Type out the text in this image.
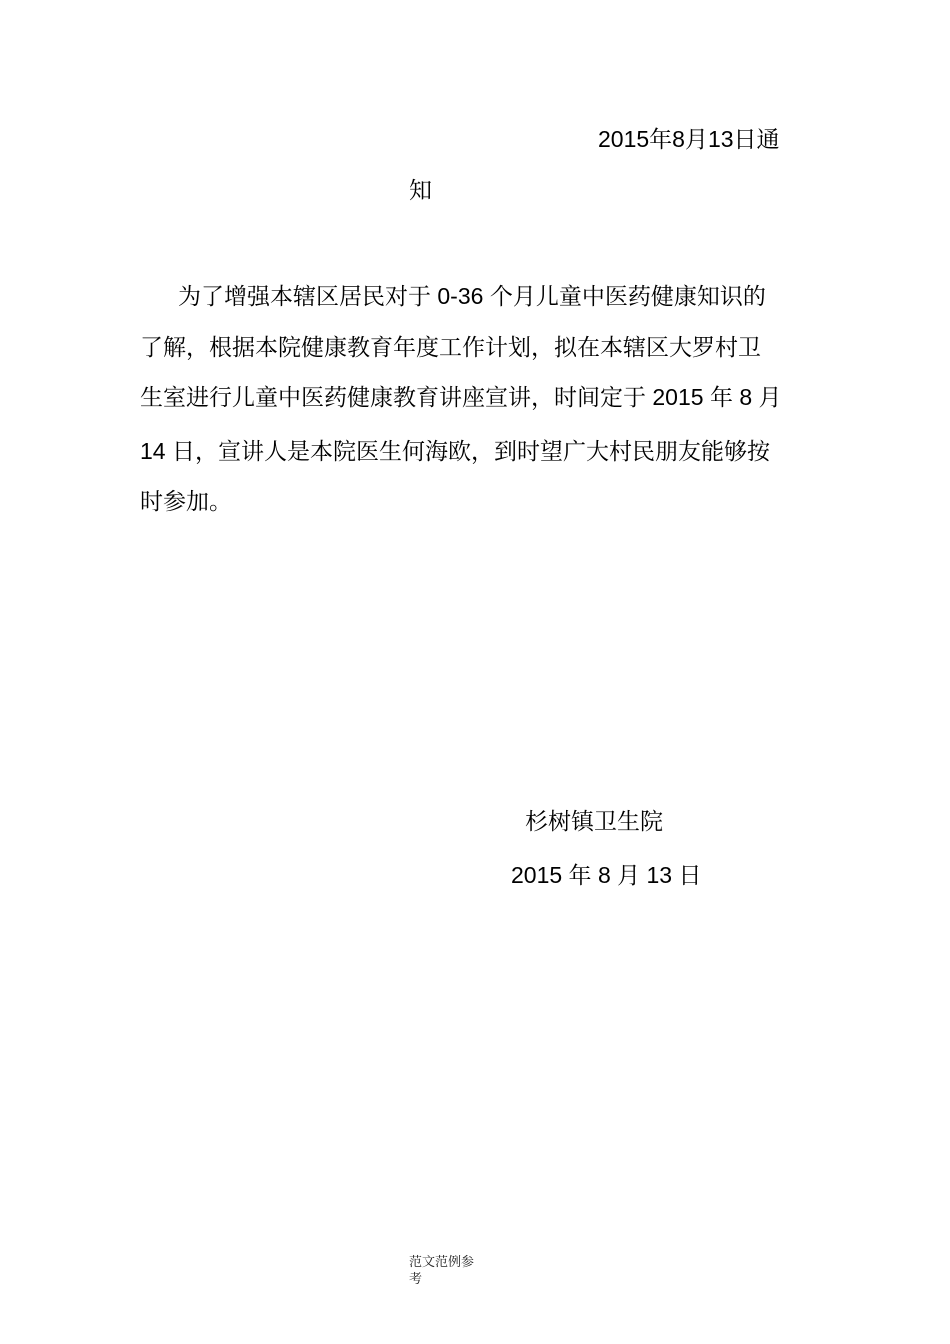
2015年8月13日通
知
为了增强本辖区居民对于 0-36 个月儿童中医药健康知识的
了解，根据本院健康教育年度工作计划，拟在本辖区大罗村卫
生室进行儿童中医药健康教育讲座宣讲，时间定于 2015 年 8 月
14 日，宣讲人是本院医生何海欧，到时望广大村民朋友能够按
时参加。
杉树镇卫生院
2015 年 8 月 13 日
范文范例参
考
